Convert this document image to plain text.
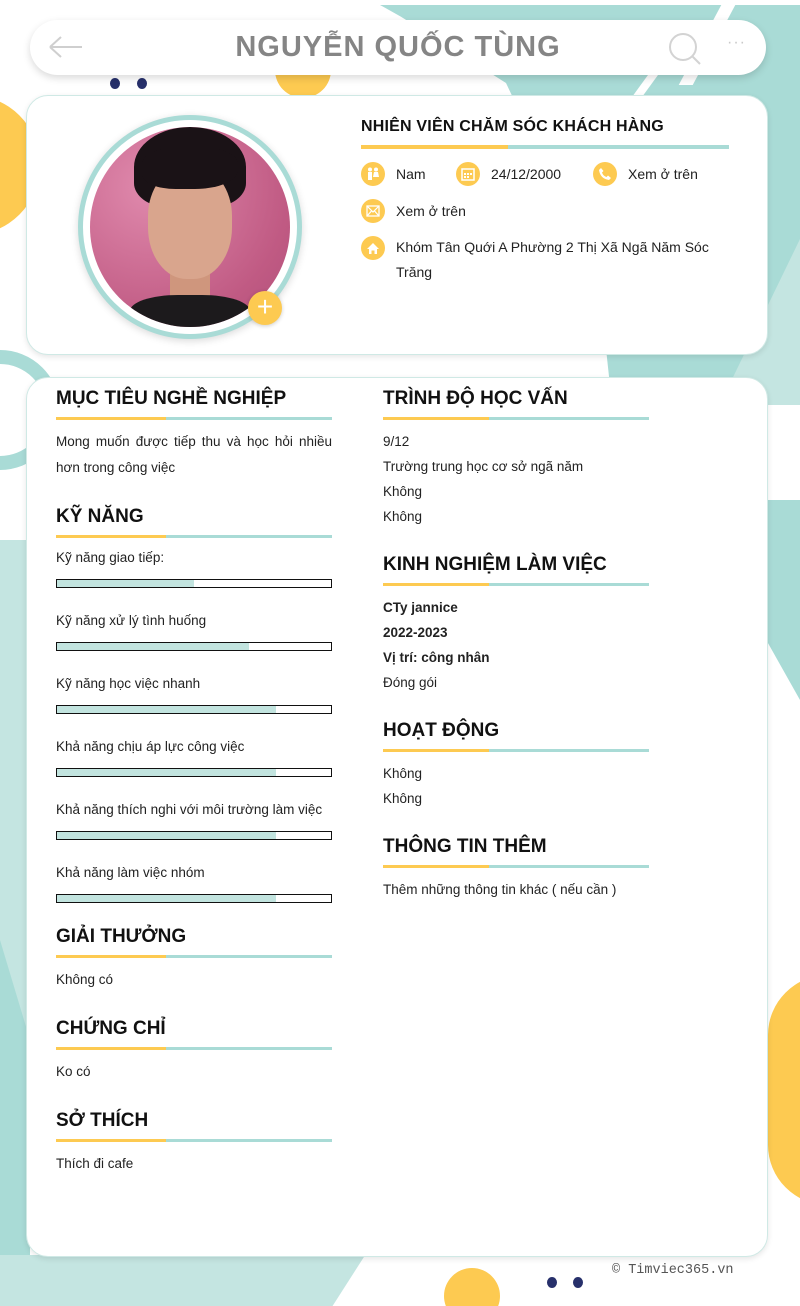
NGUYỄN QUỐC TÙNG	···
+
NHIÊN VIÊN CHĂM SÓC KHÁCH HÀNG
Nam	24/12/2000	Xem ở trên
Xem ở trên
Khóm Tân Quới A Phường 2 Thị Xã Ngã Năm Sóc Trăng
MỤC TIÊU NGHỀ NGHIỆP
Mong muốn được tiếp thu và học hỏi nhiều hơn trong công việc
KỸ NĂNG
Kỹ năng giao tiếp:
Kỹ năng xử lý tình huống
Kỹ năng học việc nhanh
Khả năng chịu áp lực công việc
Khả năng thích nghi với môi trường làm việc
Khả năng làm việc nhóm
GIẢI THƯỞNG
Không có
CHỨNG CHỈ
Ko có
SỞ THÍCH
Thích đi cafe
TRÌNH ĐỘ HỌC VẤN
9/12
Trường trung học cơ sở ngã năm
Không
Không
KINH NGHIỆM LÀM VIỆC
CTy jannice
2022-2023
Vị trí: công nhân
Đóng gói
HOẠT ĐỘNG
Không
Không
THÔNG TIN THÊM
Thêm những thông tin khác ( nếu cần )
© Timviec365.vn
